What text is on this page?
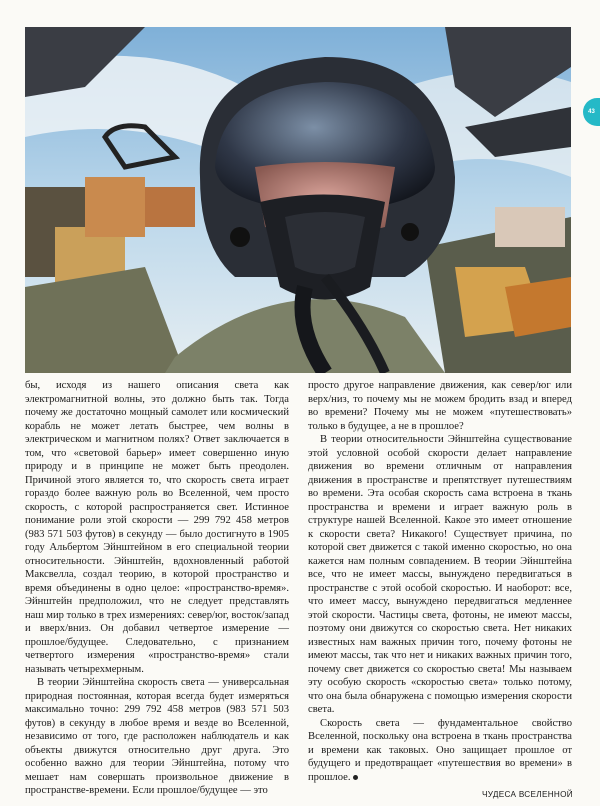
43

бы, исходя из нашего описания света как электромагнитной волны, это должно быть так. Тогда почему же достаточно мощный самолет или космический корабль не может летать быстрее, чем волны в электрическом и магнитном полях? Ответ заключается в том, что «световой барьер» имеет совершенно иную природу и в принципе не может быть преодолен. Причиной этого является то, что скорость света играет гораздо более важную роль во Вселенной, чем просто скорость, с которой распространяется свет. Истинное понимание роли этой скорости — 299 792 458 метров (983 571 503 футов) в секунду — было достигнуто в 1905 году Альбертом Эйнштейном в его специальной теории относительности. Эйнштейн, вдохновленный работой Максвелла, создал теорию, в которой пространство и время объединены в одно целое: «пространство-время». Эйнштейн предположил, что не следует представлять наш мир только в трех измерениях: север/юг, восток/запад и вверх/вниз. Он добавил четвертое измерение — прошлое/будущее. Следовательно, с признанием четвертого измерения «пространство-время» стали называть четырехмерным.

В теории Эйнштейна скорость света — универсальная природная постоянная, которая всегда будет измеряться максимально точно: 299 792 458 метров (983 571 503 футов) в секунду в любое время и везде во Вселенной, независимо от того, где расположен наблюдатель и как объекты движутся относительно друг друга. Это особенно важно для теории Эйнштейна, потому что мешает нам совершать произвольное движение в пространстве-времени. Если прошлое/будущее — это

просто другое направление движения, как север/юг или верх/низ, то почему мы не можем бродить взад и вперед во времени? Почему мы не можем «путешествовать» только в будущее, а не в прошлое?

В теории относительности Эйнштейна существование этой условной особой скорости делает направление движения во времени отличным от направления движения в пространстве и препятствует путешествиям во времени. Эта особая скорость сама встроена в ткань пространства и времени и играет важную роль в структуре нашей Вселенной. Какое это имеет отношение к скорости света? Никакого! Существует причина, по которой свет движется с такой именно скоростью, но она кажется нам полным совпадением. В теории Эйнштейна все, что не имеет массы, вынуждено передвигаться в пространстве с этой особой скоростью. И наоборот: все, что имеет массу, вынуждено передвигаться медленнее этой скорости. Частицы света, фотоны, не имеют массы, поэтому они движутся со скоростью света. Нет никаких известных нам важных причин того, почему фотоны не имеют массы, так что нет и никаких важных причин того, почему свет движется со скоростью света! Мы называем эту особую скорость «скоростью света» только потому, что она была обнаружена с помощью измерения скорости света.

Скорость света — фундаментальное свойство Вселенной, поскольку она встроена в ткань пространства и времени как таковых. Оно защищает прошлое от будущего и предотвращает «путешествия во времени» в прошлое.

ЧУДЕСА ВСЕЛЕННОЙ
